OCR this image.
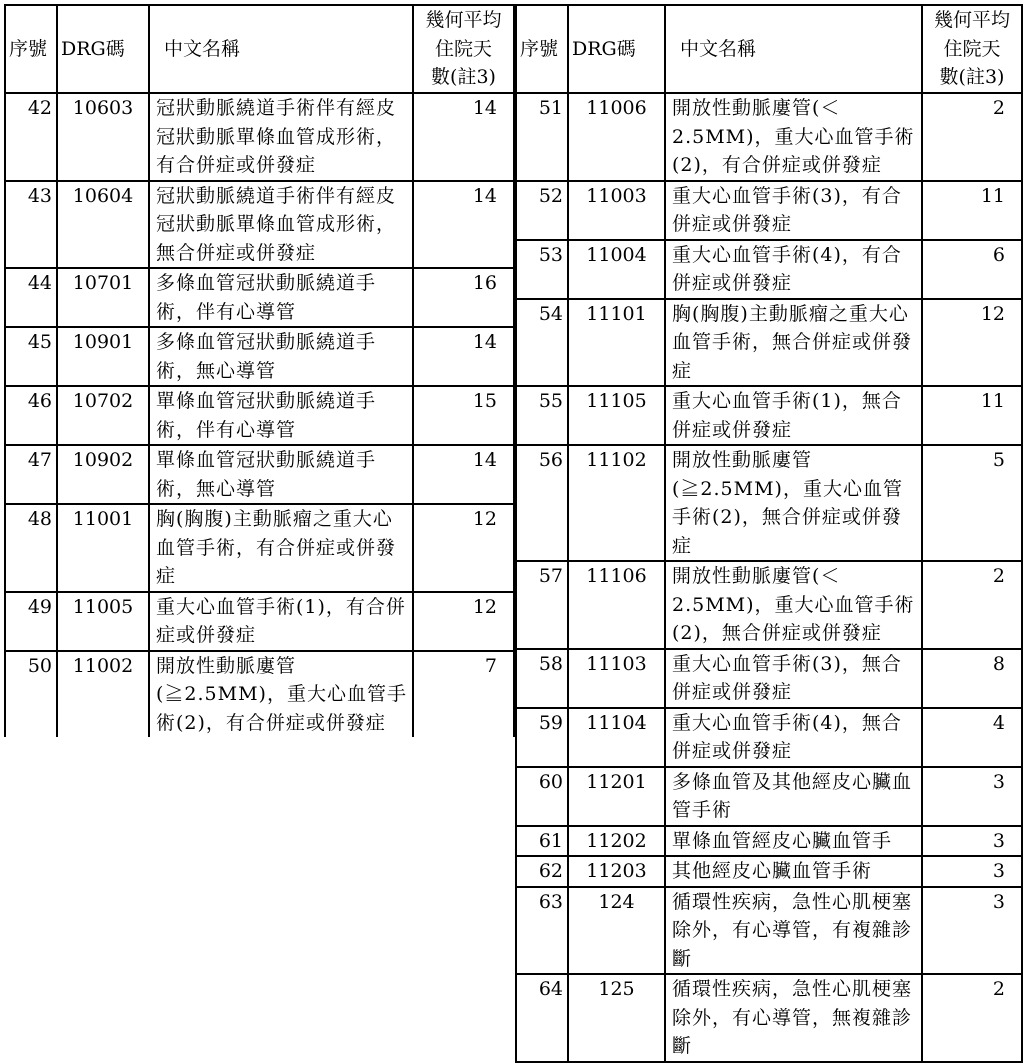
序號	DRG碼	中文名稱	幾何平均
住院天
數(註3)

42	10603	冠狀動脈繞道手術伴有經皮冠狀動脈單條血管成形術，有合併症或併發症	14
43	10604	冠狀動脈繞道手術伴有經皮冠狀動脈單條血管成形術，無合併症或併發症	14
44	10701	多條血管冠狀動脈繞道手術，伴有心導管	16
45	10901	多條血管冠狀動脈繞道手術，無心導管	14
46	10702	單條血管冠狀動脈繞道手術，伴有心導管	15
47	10902	單條血管冠狀動脈繞道手術，無心導管	14
48	11001	胸(胸腹)主動脈瘤之重大心血管手術，有合併症或併發症	12
49	11005	重大心血管手術(1)，有合併症或併發症	12
50	11002	開放性動脈廔管(≧2.5MM)，重大心血管手術(2)，有合併症或併發症	7
序號	DRG碼	中文名稱	幾何平均
住院天
數(註3)

51	11006	開放性動脈廔管(＜2.5MM)，重大心血管手術(2)，有合併症或併發症	2
52	11003	重大心血管手術(3)，有合併症或併發症	11
53	11004	重大心血管手術(4)，有合併症或併發症	6
54	11101	胸(胸腹)主動脈瘤之重大心血管手術，無合併症或併發症	12
55	11105	重大心血管手術(1)，無合併症或併發症	11
56	11102	開放性動脈廔管(≧2.5MM)，重大心血管手術(2)，無合併症或併發症	5
57	11106	開放性動脈廔管(＜2.5MM)，重大心血管手術(2)，無合併症或併發症	2
58	11103	重大心血管手術(3)，無合併症或併發症	8
59	11104	重大心血管手術(4)，無合併症或併發症	4
60	11201	多條血管及其他經皮心臟血管手術	3
61	11202	單條血管經皮心臟血管手	3
62	11203	其他經皮心臟血管手術	3
63	124	循環性疾病，急性心肌梗塞除外，有心導管，有複雜診斷	3
64	125	循環性疾病，急性心肌梗塞除外，有心導管，無複雜診斷	2
